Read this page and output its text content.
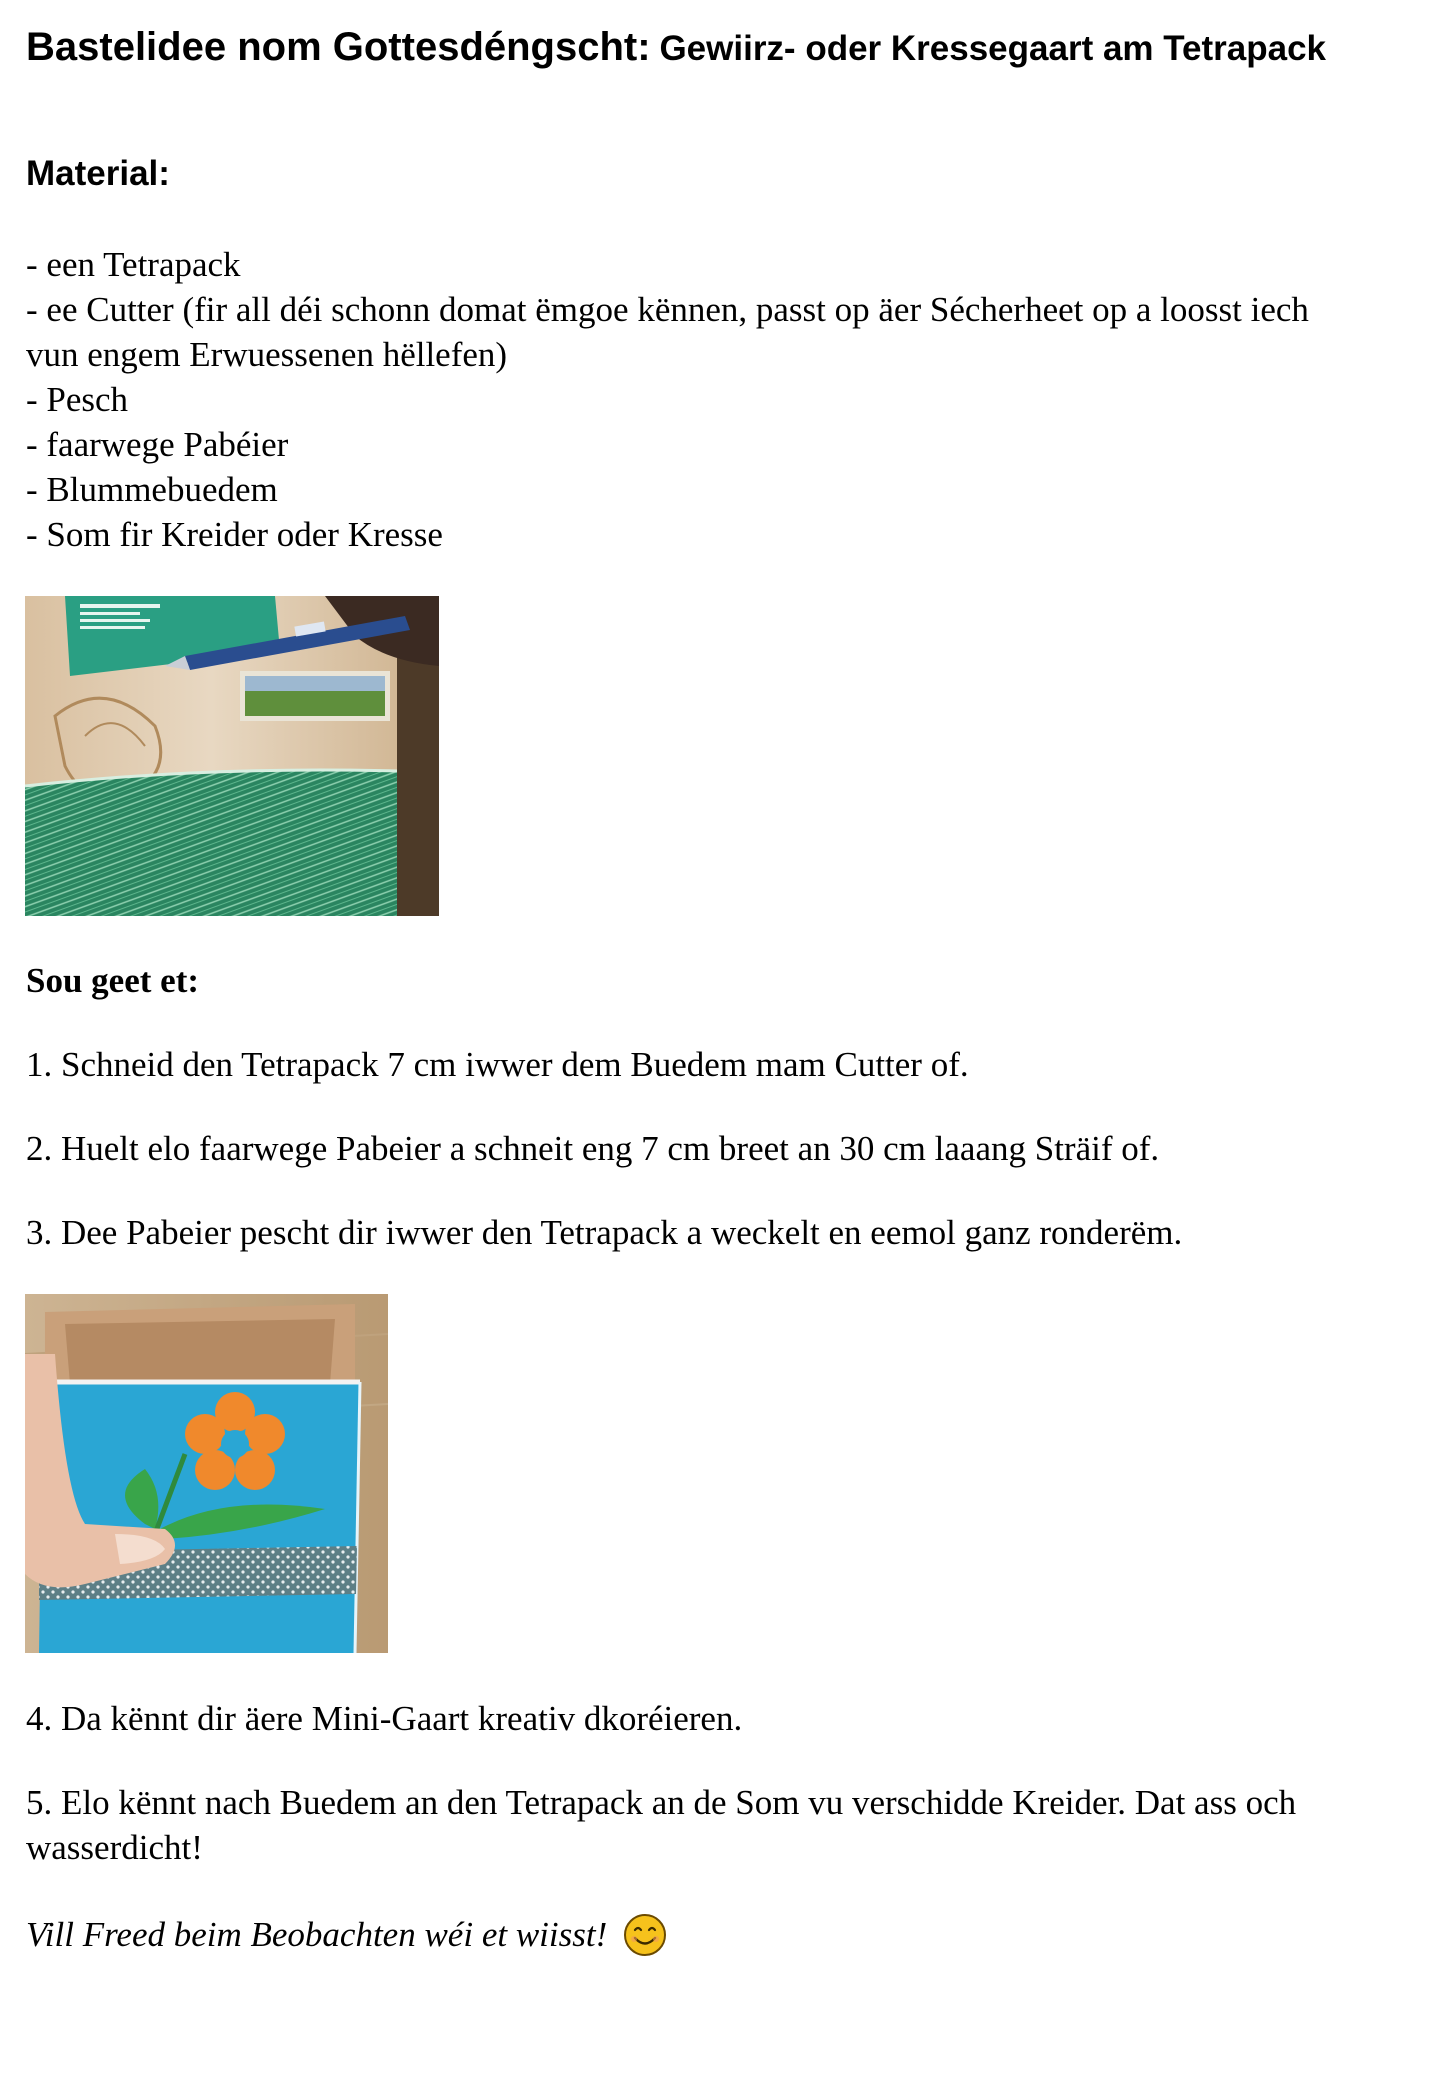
Bastelidee nom Gottesdéngscht: Gewiirz- oder Kressegaart am Tetrapack
Material:
- een Tetrapack
- ee Cutter (fir all déi schonn domat ëmgoe kënnen, passt op äer Sécherheet op a loosst iech vun engem Erwuessenen hëllefen)
- Pesch
- faarwege Pabéier
- Blummebuedem
- Som fir Kreider oder Kresse
Sou geet et:

1. Schneid den Tetrapack 7 cm iwwer dem Buedem mam Cutter of.

2. Huelt elo faarwege Pabeier a schneit eng 7 cm breet an 30 cm laaang Sträif of.

3. Dee Pabeier pescht dir iwwer den Tetrapack a weckelt en eemol ganz ronderëm.

4. Da kënnt dir äere Mini-Gaart kreativ dkoréieren.

5. Elo kënnt nach Buedem an den Tetrapack an de Som vu verschidde Kreider. Dat ass och wasserdicht!

Vill Freed beim Beobachten wéi et wiisst!
